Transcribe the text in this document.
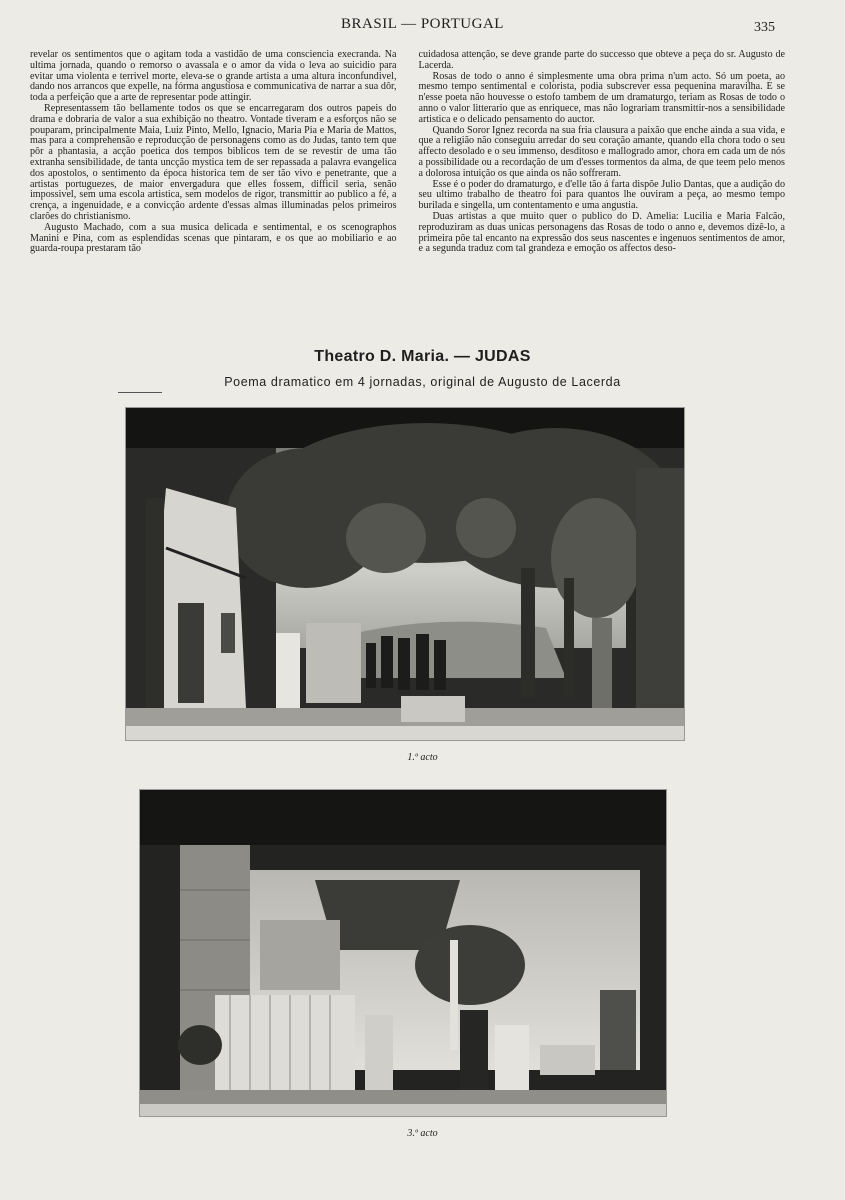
BRASIL — PORTUGAL	335

revelar os sentimentos que o agitam toda a vastidão de uma consciencia execranda. Na ultima jornada, quando o remorso o avassala e o amor da vida o leva ao suicidio para evitar uma violenta e terrivel morte, eleva-se o grande artista a uma altura inconfundivel, dando nos arrancos que expelle, na fórma angustiosa e communicativa de narrar a sua dôr, toda a perfeição que a arte de representar pode attingir.

Representassem tão bellamente todos os que se encarregaram dos outros papeis do drama e dobraria de valor a sua exhibição no theatro. Vontade tiveram e a esforços não se pouparam, principalmente Maia, Luiz Pinto, Mello, Ignacio, Maria Pia e Maria de Mattos, mas para a comprehensão e reproducção de personagens como as do Judas, tanto tem que pôr a phantasia, a acção poetica dos tempos biblicos tem de se revestir de uma tão extranha sensibilidade, de tanta uncção mystica tem de ser repassada a palavra evangelica dos apostolos, o sentimento da época historica tem de ser tão vivo e penetrante, que a artistas portuguezes, de maior envergadura que elles fossem, difficil seria, senão impossivel, sem uma escola artistica, sem modelos de rigor, transmittir ao publico a fé, a crença, a ingenuidade, e a convicção ardente d'essas almas illuminadas pelos primeiros clarões do christianismo.

Augusto Machado, com a sua musica delicada e sentimental, e os scenographos Manini e Pina, com as esplendidas scenas que pintaram, e os que ao mobiliario e ao guarda-roupa prestaram tão

cuidadosa attenção, se deve grande parte do successo que obteve a peça do sr. Augusto de Lacerda.

Rosas de todo o anno é simplesmente uma obra prima n'um acto. Só um poeta, ao mesmo tempo sentimental e colorista, podia subscrever essa pequenina maravilha. E se n'esse poeta não houvesse o estofo tambem de um dramaturgo, teriam as Rosas de todo o anno o valor litterario que as enriquece, mas não lograriam transmittir-nos a sensibilidade artistica e o delicado pensamento do auctor.

Quando Soror Ignez recorda na sua fria clausura a paixão que enche ainda a sua vida, e que a religião não conseguiu arredar do seu coração amante, quando ella chora todo o seu affecto desolado e o seu immenso, desditoso e mallogrado amor, chora em cada um de nós a possibilidade ou a recordação de um d'esses tormentos da alma, de que teem pelo menos a dolorosa intuição os que ainda os não soffreram.

Esse é o poder do dramaturgo, e d'elle tão á farta dispõe Julio Dantas, que a audição do seu ultimo trabalho de theatro foi para quantos lhe ouviram a peça, ao mesmo tempo burilada e singella, um contentamento e uma angustia.

Duas artistas a que muito quer o publico do D. Amelia: Lucilia e Maria Falcão, reproduziram as duas unicas personagens das Rosas de todo o anno e, devemos dizê-lo, a primeira põe tal encanto na expressão dos seus nascentes e ingenuos sentimentos de amor, e a segunda traduz com tal grandeza e emoção os affectos deso-

Theatro D. Maria. — JUDAS
Poema dramatico em 4 jornadas, original de Augusto de Lacerda
1.º acto
3.º acto
